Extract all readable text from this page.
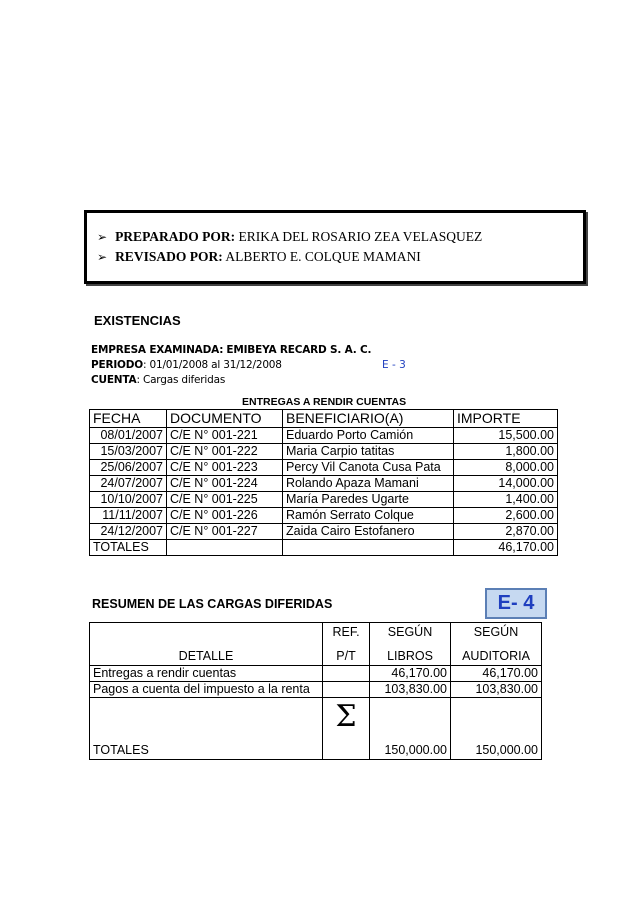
➢ PREPARADO POR: ERIKA DEL ROSARIO ZEA VELASQUEZ
➢ REVISADO POR: ALBERTO E. COLQUE MAMANI
EXISTENCIAS
EMPRESA EXAMINADA: EMIBEYA RECARD S. A. C.
PERIODO: 01/01/2008 al 31/12/2008	E - 3
CUENTA: Cargas diferidas
ENTREGAS A RENDIR CUENTAS
FECHA	DOCUMENTO	BENEFICIARIO(A)	IMPORTE
08/01/2007	C/E N° 001-221	Eduardo Porto Camión	15,500.00
15/03/2007	C/E N° 001-222	Maria Carpio tatitas	1,800.00
25/06/2007	C/E N° 001-223	Percy Vil Canota Cusa Pata	8,000.00
24/07/2007	C/E N° 001-224	Rolando Apaza Mamani	14,000.00
10/10/2007	C/E N° 001-225	María Paredes Ugarte	1,400.00
11/11/2007	C/E N° 001-226	Ramón Serrato Colque	2,600.00
24/12/2007	C/E N° 001-227	Zaida Cairo Estofanero	2,870.00
TOTALES			46,170.00
RESUMEN DE LAS CARGAS DIFERIDAS	E- 4
	REF.	SEGÚN	SEGÚN
DETALLE	P/T	LIBROS	AUDITORIA
Entregas a rendir cuentas		46,170.00	46,170.00
Pagos a cuenta del impuesto a la renta		103,830.00	103,830.00
TOTALES	Σ	150,000.00	150,000.00
